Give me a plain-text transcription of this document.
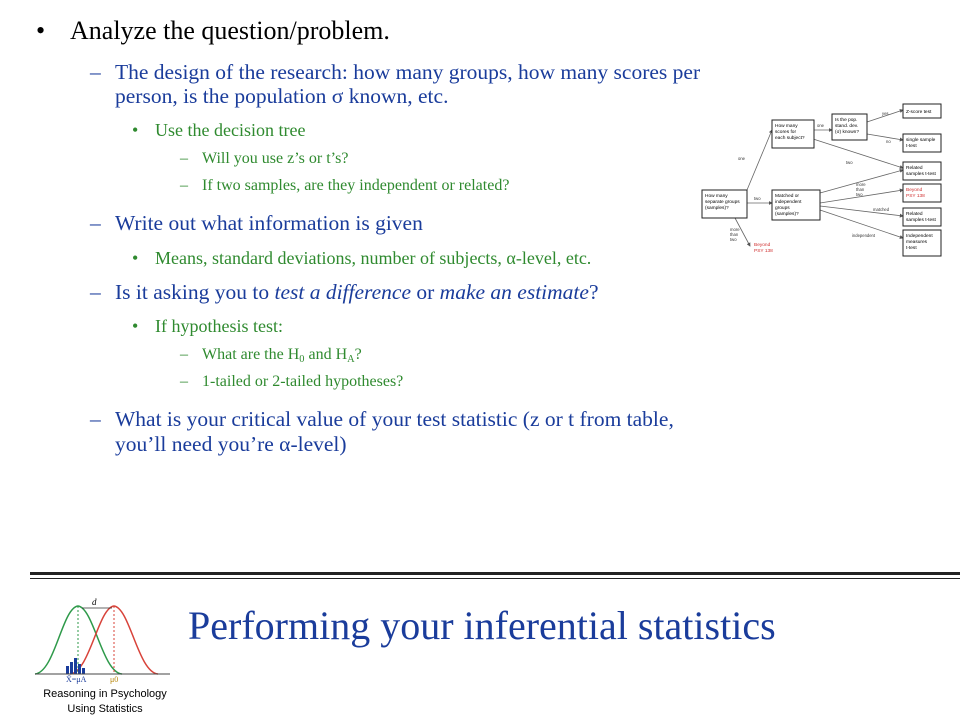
• Analyze the question/problem.
– The design of the research: how many groups, how many scores per
person, is the population σ known, etc.
• Use the decision tree
– Will you use z’s or t’s?
– If two samples, are they independent or related?
– Write out what information is given
• Means, standard deviations, number of subjects, α-level, etc.
– Is it asking you to test a difference or make an estimate?
• If hypothesis test:
– What are the $H_0$ and $H_A$?
– 1-tailed or 2-tailed hypotheses?
– What is your critical value of your test statistic (z or t from table,
you’ll need you’re α-level)
How many separate groups (samples)?
How many scores for each subject?
Is the pop. stand. dev. (σ) known?
Matched or independent groups (samples)?
Z-score test
single sample t-test
Related samples t-test
Beyond PSY 138
Related samples t-test
Independent measures t-test
Beyond PSY 138
one
two
more than two
one
yes
no
two
more than two
matched
independent
d
X̄=μA	μ0
Performing your inferential statistics
Reasoning in Psychology
Using Statistics
